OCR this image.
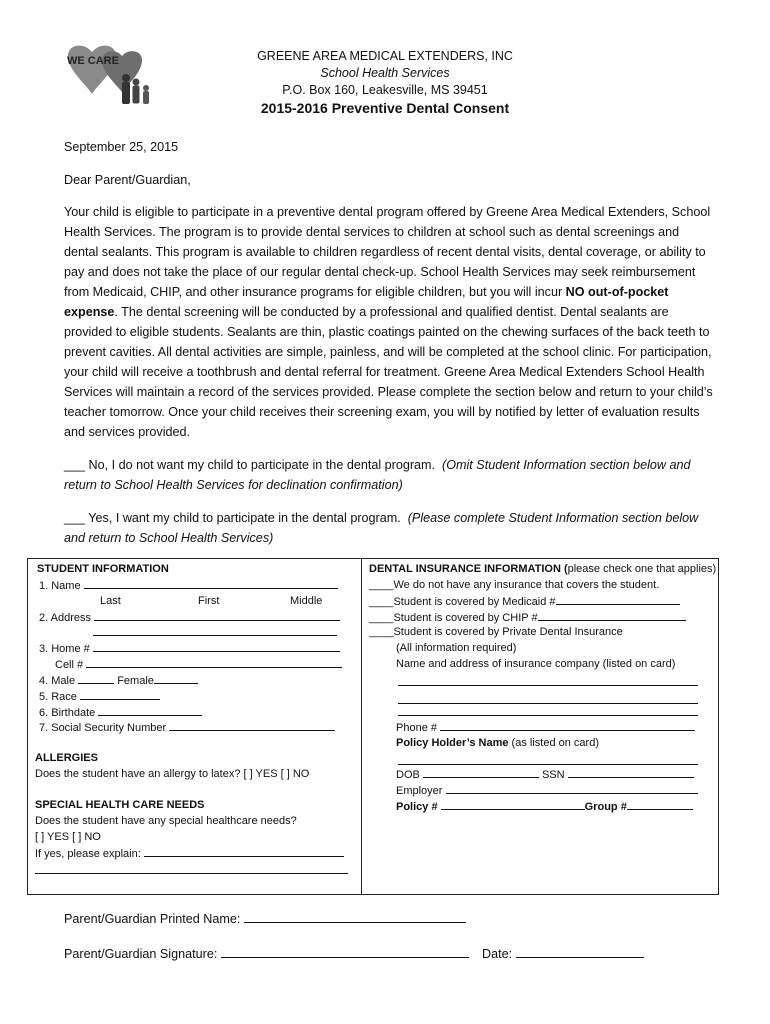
WE CARE	GREENE AREA MEDICAL EXTENDERS, INC
School Health Services
P.O. Box 160, Leakesville, MS 39451
2015-2016 Preventive Dental Consent
September 25, 2015
Dear Parent/Guardian,
Your child is eligible to participate in a preventive dental program offered by Greene Area Medical Extenders, School Health Services. The program is to provide dental services to children at school such as dental screenings and dental sealants. This program is available to children regardless of recent dental visits, dental coverage, or ability to pay and does not take the place of our regular dental check-up. School Health Services may seek reimbursement from Medicaid, CHIP, and other insurance programs for eligible children, but you will incur NO out-of-pocket expense. The dental screening will be conducted by a professional and qualified dentist. Dental sealants are provided to eligible students. Sealants are thin, plastic coatings painted on the chewing surfaces of the back teeth to prevent cavities. All dental activities are simple, painless, and will be completed at the school clinic. For participation, your child will receive a toothbrush and dental referral for treatment. Greene Area Medical Extenders School Health Services will maintain a record of the services provided. Please complete the section below and return to your child’s teacher tomorrow. Once your child receives their screening exam, you will by notified by letter of evaluation results and services provided.
___ No, I do not want my child to participate in the dental program. (Omit Student Information section below and return to School Health Services for declination confirmation)
___ Yes, I want my child to participate in the dental program. (Please complete Student Information section below and return to School Health Services)
STUDENT INFORMATION
1. Name
Last	First	Middle
2. Address
3. Home #
Cell #
4. Male	Female
5. Race
6. Birthdate
7. Social Security Number
ALLERGIES
Does the student have an allergy to latex? [ ] YES [ ] NO
SPECIAL HEALTH CARE NEEDS
Does the student have any special healthcare needs?
[ ] YES [ ] NO
If yes, please explain:
DENTAL INSURANCE INFORMATION (please check one that applies)
____We do not have any insurance that covers the student.
____Student is covered by Medicaid #
____Student is covered by CHIP #
____Student is covered by Private Dental Insurance
(All information required)
Name and address of insurance company (listed on card)
Phone #
Policy Holder’s Name (as listed on card)
DOB	SSN
Employer
Policy #	Group #
Parent/Guardian Printed Name:
Parent/Guardian Signature:	Date:
